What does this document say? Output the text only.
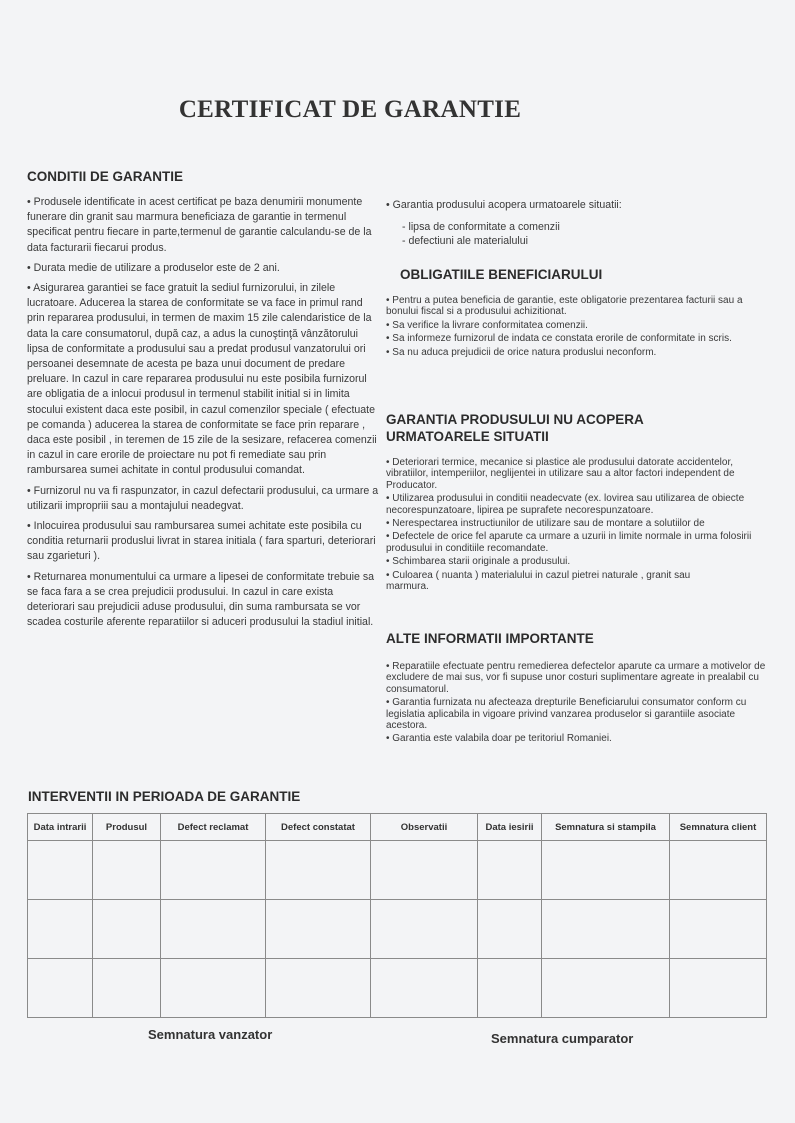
CERTIFICAT DE GARANTIE
CONDITII DE GARANTIE

• Produsele identificate in acest certificat pe baza denumirii monumente funerare din granit sau marmura beneficiaza de garantie in termenul specificat pentru fiecare in parte,termenul de garantie calculandu-se de la data facturarii fiecarui produs.

• Durata medie de utilizare a produselor este de 2 ani.

• Asigurarea garantiei se face gratuit la sediul furnizorului, in zilele lucratoare. Aducerea la starea de conformitate se va face in primul rand prin repararea produsului, in termen de maxim 15 zile calendaristice de la data la care consumatorul, după caz, a adus la cunoştinţă vânzătorului lipsa de conformitate a produsului sau a predat produsul vanzatorului ori persoanei desemnate de acesta pe baza unui document de predare preluare. In cazul in care repararea produsului nu este posibila furnizorul are obligatia de a inlocui produsul in termenul stabilit initial si in limita stocului existent daca este posibil, in cazul comenzilor speciale ( efectuate pe comanda ) aducerea la starea de conformitate se face prin reparare , daca este posibil , in teremen de 15 zile de la sesizare, refacerea comenzii in cazul in care erorile de proiectare nu pot fi remediate sau prin rambursarea sumei achitate in contul produsului comandat.

• Furnizorul nu va fi raspunzator, in cazul defectarii produsului, ca urmare a utilizarii impropriii sau a montajului neadegvat.

• Inlocuirea produsului sau rambursarea sumei achitate este posibila cu conditia returnarii produslui livrat in starea initiala ( fara sparturi, deteriorari sau zgarieturi ).

• Returnarea monumentului ca urmare a lipesei de conformitate trebuie sa se faca fara a se crea prejudicii produsului. In cazul in care exista deteriorari sau prejudicii aduse produsului, din suma rambursata se vor scadea costurile aferente reparatiilor si aduceri produsului la stadiul initial.

• Garantia produsului acopera urmatoarele situatii:

- lipsa de conformitate a comenzii

- defectiuni ale materialului

OBLIGATIILE BENEFICIARULUI

• Pentru a putea beneficia de garantie, este obligatorie prezentarea facturii sau a bonului fiscal si a produsului achizitionat.

• Sa verifice la livrare conformitatea comenzii.

• Sa informeze furnizorul de indata ce constata erorile de conformitate in scris.

• Sa nu aduca prejudicii de orice natura produslui neconform.

GARANTIA PRODUSULUI NU ACOPERA URMATOARELE SITUATII

• Deteriorari termice, mecanice si plastice ale produsului datorate accidentelor, vibratiilor, intemperiilor, neglijentei in utilizare sau a altor factori independent de Producator.

• Utilizarea produsului in conditii neadecvate (ex. lovirea sau utilizarea de obiecte necorespunzatoare, lipirea pe suprafete necorespunzatoare.

• Nerespectarea instructiunilor de utilizare sau de montare a solutiilor de

• Defectele de orice fel aparute ca urmare a uzurii in limite normale in urma folosirii produsului in conditiile recomandate.

• Schimbarea starii originale a produsului.

• Culoarea ( nuanta ) materialului in cazul pietrei naturale , granit sau marmura.

ALTE INFORMATII IMPORTANTE

• Reparatiile efectuate pentru remedierea defectelor aparute ca urmare a motivelor de excludere de mai sus, vor fi supuse unor costuri suplimentare agreate in prealabil cu consumatorul.

• Garantia furnizata nu afecteaza drepturile Beneficiarului consumator conform cu legislatia aplicabila in vigoare privind vanzarea produselor si garantiile asociate acestora.

• Garantia este valabila doar pe teritoriul Romaniei.

INTERVENTII IN PERIOADA DE GARANTIE
Data intrarii	Produsul	Defect reclamat	Defect constatat	Observatii	Data iesirii	Semnatura si stampila	Semnatura client

Semnatura vanzator	Semnatura cumparator
